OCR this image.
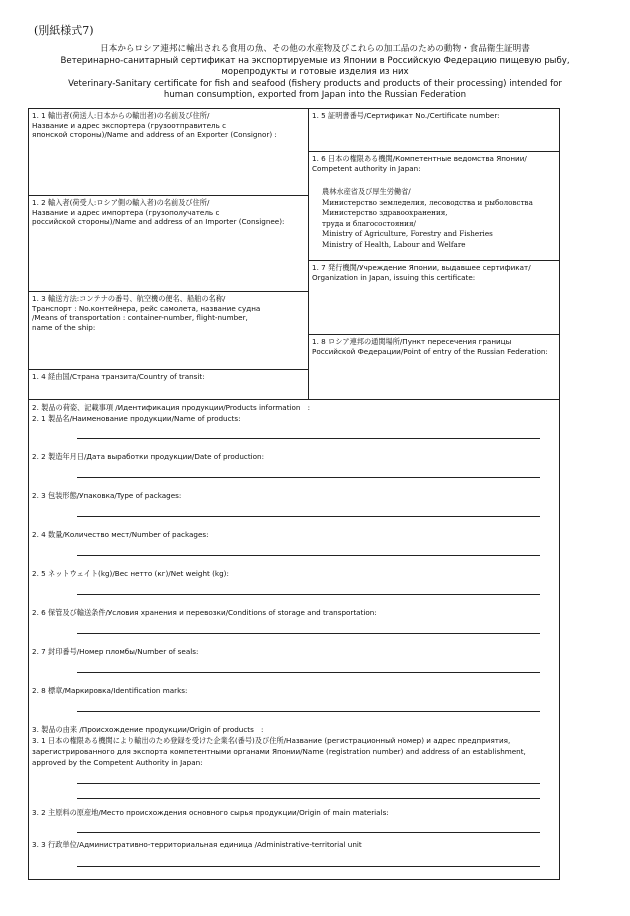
(別紙様式7)
日本からロシア連邦に輸出される食用の魚、その他の水産物及びこれらの加工品のための動物・食品衛生証明書
Ветеринарно-санитарный сертификат на экспортируемые из Японии в Российскую Федерацию пищевую рыбу,
морепродукты и готовые изделия из них
Veterinary-Sanitary certificate for fish and seafood (fishery products and products of their processing) intended for
human consumption, exported from Japan into the Russian Federation
1. 1 輸出者(荷送人:日本からの輸出者)の名前及び住所/
Название и адрес экспортера (грузоотправитель с
японской стороны)/Name and address of an Exporter (Consignor) :
1. 2 輸入者(荷受人:ロシア側の輸入者)の名前及び住所/
Название и адрес импортера (грузополучатель с
российской стороны)/Name and address of an Importer (Consignee):
1. 3 輸送方法:コンテナの番号、航空機の便名、船舶の名称/
Транспорт : No.контейнера, рейс самолета, название судна
/Means of transportation : container-number, flight-number,
name of the ship:
1. 4 経由国/Страна транзита/Country of transit:
1. 5 証明書番号/Сертификат No./Certificate number:
1. 6 日本の権限ある機関/Компетентные ведомства Японии/
Competent authority in Japan:
農林水産省及び厚生労働省/
Министерство земледелия, лесоводства и рыболовства
Министерство здравоохранения,
труда и благосостояния/
Ministry of Agriculture, Forestry and Fisheries
Ministry of Health, Labour and Welfare
1. 7 発行機関/Учреждение Японии, выдавшее сертификат/
Organization in Japan, issuing this certificate:
1. 8 ロシア連邦の通関場所/Пункт пересечения границы
Российской Федерации/Point of entry of the Russian Federation:
2. 製品の荷姿、記載事項 /Идентификация продукции/Products information　:
2. 1 製品名/Наименование продукции/Name of products:
2. 2 製造年月日/Дата выработки продукции/Date of production:
2. 3 包装形態/Упаковка/Type of packages:
2. 4 数量/Количество мест/Number of packages:
2. 5 ネットウェイト(kg)/Вес нетто (кг)/Net weight (kg):
2. 6 保管及び輸送条件/Условия хранения и перевозки/Conditions of storage and transportation:
2. 7 封印番号/Номер пломбы/Number of seals:
2. 8 標章/Маркировка/Identification marks:
3. 製品の由来 /Происхождение продукции/Origin of products　:
3. 1 日本の権限ある機関により輸出のため登録を受けた企業名(番号)及び住所/Название (регистрационный номер) и адрес предприятия,
зарегистрированного для экспорта компетентными органами Японии/Name (registration number) and address of an establishment,
approved by the Competent Authority in Japan:
3. 2 主原料の原産地/Место происхождения основного сырья продукции/Origin of main materials:
3. 3 行政単位/Административно-территориальная единица /Administrative-territorial unit
